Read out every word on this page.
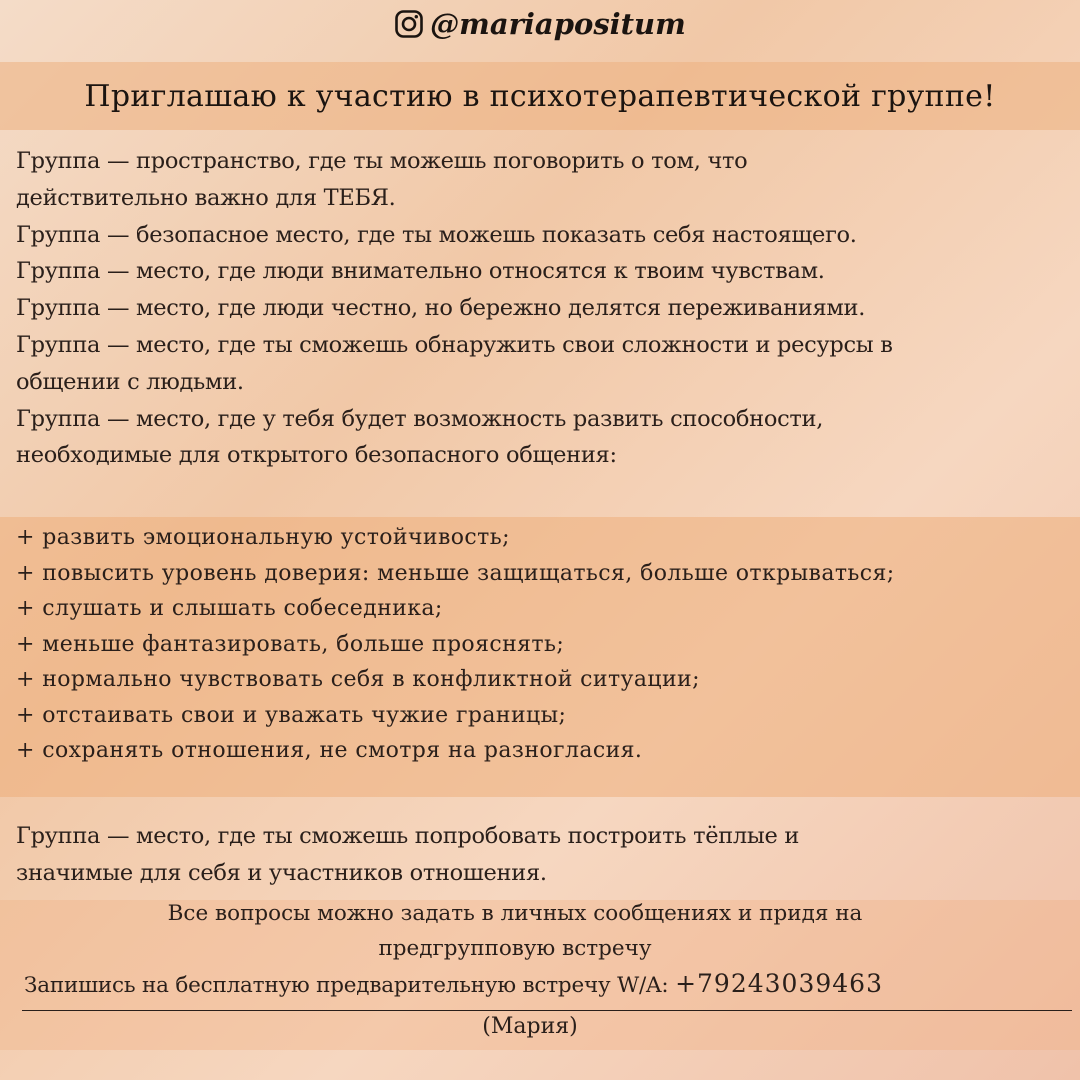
@mariapositum
Приглашаю к участию в психотерапевтической группе!
Группа — пространство, где ты можешь поговорить о том, что
действительно важно для ТЕБЯ.
Группа — безопасное место, где ты можешь показать себя настоящего.
Группа — место, где люди внимательно относятся к твоим чувствам.
Группа — место, где люди честно, но бережно делятся переживаниями.
Группа — место, где ты сможешь обнаружить свои сложности и ресурсы в
общении с людьми.
Группа — место, где у тебя будет возможность развить способности,
необходимые для открытого безопасного общения:
+ развить эмоциональную устойчивость;
+ повысить уровень доверия: меньше защищаться, больше открываться;
+ слушать и слышать собеседника;
+ меньше фантазировать, больше прояснять;
+ нормально чувствовать себя в конфликтной ситуации;
+ отстаивать свои и уважать чужие границы;
+ сохранять отношения, не смотря на разногласия.
Группа — место, где ты сможешь попробовать построить тёплые и
значимые для себя и участников отношения.
Все вопросы можно задать в личных сообщениях и придя на
предгрупповую встречу
Запишись на бесплатную предварительную встречу W/A: +79243039463
(Мария)
